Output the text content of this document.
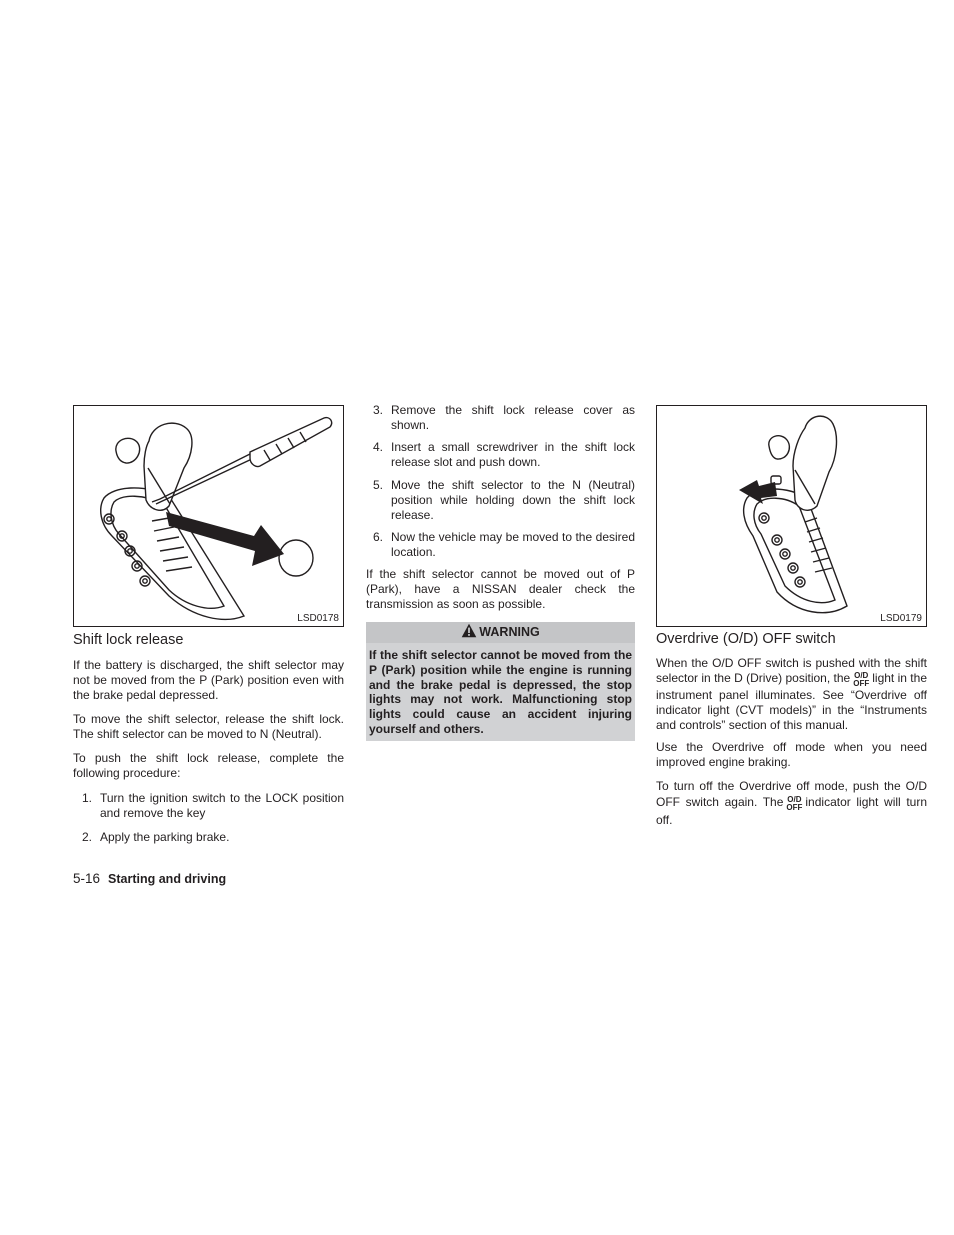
LSD0178
Shift lock release

If the battery is discharged, the shift selector may not be moved from the P (Park) position even with the brake pedal depressed.

To move the shift selector, release the shift lock. The shift selector can be moved to N (Neutral).

To push the shift lock release, complete the following procedure:

1. Turn the ignition switch to the LOCK position and remove the key
2. Apply the parking brake.
3. Remove the shift lock release cover as shown.
4. Insert a small screwdriver in the shift lock release slot and push down.
5. Move the shift selector to the N (Neutral) position while holding down the shift lock release.
6. Now the vehicle may be moved to the desired location.

If the shift selector cannot be moved out of P (Park), have a NISSAN dealer check the transmission as soon as possible.

WARNING
If the shift selector cannot be moved from the P (Park) position while the engine is running and the brake pedal is depressed, the stop lights may not work. Malfunctioning stop lights could cause an accident injuring yourself and others.
LSD0179
Overdrive (O/D) OFF switch

When the O/D OFF switch is pushed with the shift selector in the D (Drive) position, the O/D
OFF light in the instrument panel illuminates. See “Overdrive off indicator light (CVT models)” in the “Instruments and controls” section of this manual.

Use the Overdrive off mode when you need improved engine braking.

To turn off the Overdrive off mode, push the O/D OFF switch again. The O/D
OFF indicator light will turn off.

5-16 Starting and driving
